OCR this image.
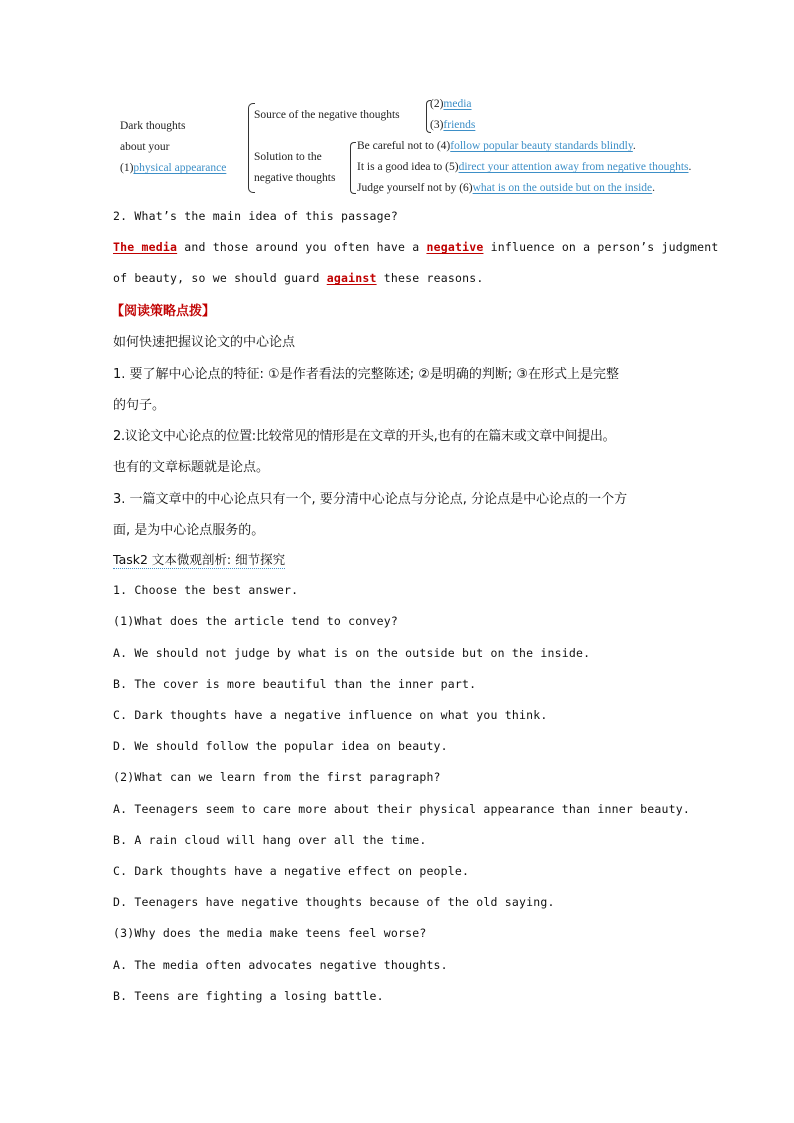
Dark thoughts
about your
(1)physical appearance
Source of the negative thoughts
(2)media
(3)friends
Solution to the
negative thoughts
Be careful not to (4)follow popular beauty standards blindly.
It is a good idea to (5)direct your attention away from negative thoughts.
Judge yourself not by (6)what is on the outside but on the inside.
2. What’s the main idea of this passage?
The media and those around you often have a negative influence on a person’s judgment
of beauty, so we should guard against these reasons.
【阅读策略点拨】
如何快速把握议论文的中心论点
1. 要了解中心论点的特征: ①是作者看法的完整陈述; ②是明确的判断; ③在形式上是完整
的句子。
2.议论文中心论点的位置:比较常见的情形是在文章的开头,也有的在篇末或文章中间提出。
也有的文章标题就是论点。
3. 一篇文章中的中心论点只有一个, 要分清中心论点与分论点, 分论点是中心论点的一个方
面, 是为中心论点服务的。
Task2 文本微观剖析: 细节探究
1. Choose the best answer.
(1)What does the article tend to convey?
A. We should not judge by what is on the outside but on the inside.
B. The cover is more beautiful than the inner part.
C. Dark thoughts have a negative influence on what you think.
D. We should follow the popular idea on beauty.
(2)What can we learn from the first paragraph?
A. Teenagers seem to care more about their physical appearance than inner beauty.
B. A rain cloud will hang over all the time.
C. Dark thoughts have a negative effect on people.
D. Teenagers have negative thoughts because of the old saying.
(3)Why does the media make teens feel worse?
A. The media often advocates negative thoughts.
B. Teens are fighting a losing battle.
